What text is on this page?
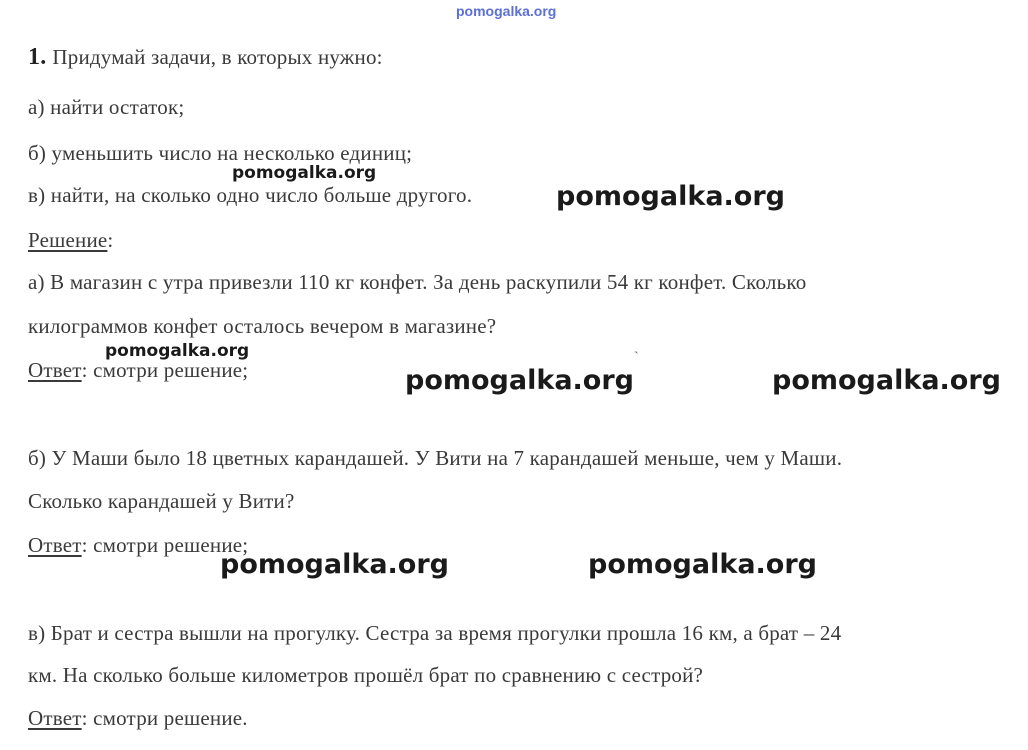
pomogalka.org
1. Придумай задачи, в которых нужно:
а) найти остаток;
б) уменьшить число на несколько единиц;
в) найти, на сколько одно число больше другого.
Решение:
а) В магазин с утра привезли 110 кг конфет. За день раскупили 54 кг конфет. Сколько
килограммов конфет осталось вечером в магазине?
Ответ: смотри решение;
б) У Маши было 18 цветных карандашей. У Вити на 7 карандашей меньше, чем у Маши.
Сколько карандашей у Вити?
Ответ: смотри решение;
в) Брат и сестра вышли на прогулку. Сестра за время прогулки прошла 16 км, а брат – 24
км. На сколько больше километров прошёл брат по сравнению с сестрой?
Ответ: смотри решение.
`
pomogalka.org
pomogalka.org
pomogalka.org
pomogalka.org	pomogalka.org
pomogalka.org	pomogalka.org
